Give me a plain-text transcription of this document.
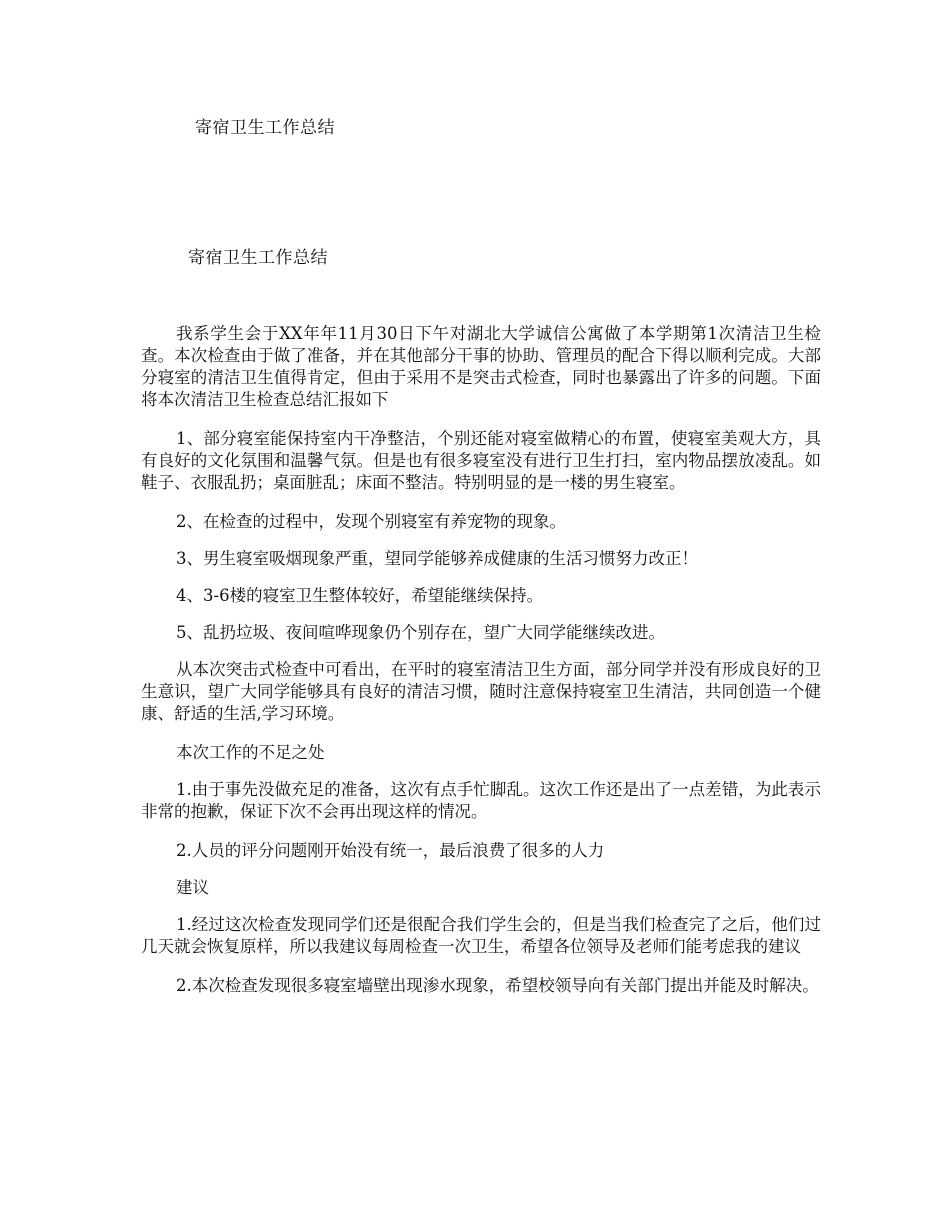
寄宿卫生工作总结
寄宿卫生工作总结

我系学生会于XX年年11月30日下午对湖北大学诚信公寓做了本学期第1次清洁卫生检查。本次检查由于做了准备，并在其他部分干事的协助、管理员的配合下得以顺利完成。大部分寝室的清洁卫生值得肯定，但由于采用不是突击式检查，同时也暴露出了许多的问题。下面将本次清洁卫生检查总结汇报如下

1、部分寝室能保持室内干净整洁，个别还能对寝室做精心的布置，使寝室美观大方，具有良好的文化氛围和温馨气氛。但是也有很多寝室没有进行卫生打扫，室内物品摆放凌乱。如鞋子、衣服乱扔；桌面脏乱；床面不整洁。特别明显的是一楼的男生寝室。

2、在检查的过程中，发现个别寝室有养宠物的现象。

3、男生寝室吸烟现象严重，望同学能够养成健康的生活习惯努力改正！

4、3-6楼的寝室卫生整体较好，希望能继续保持。

5、乱扔垃圾、夜间喧哗现象仍个别存在，望广大同学能继续改进。

从本次突击式检查中可看出，在平时的寝室清洁卫生方面，部分同学并没有形成良好的卫生意识，望广大同学能够具有良好的清洁习惯，随时注意保持寝室卫生清洁，共同创造一个健康、舒适的生活,学习环境。

本次工作的不足之处

1.由于事先没做充足的准备，这次有点手忙脚乱。这次工作还是出了一点差错，为此表示非常的抱歉，保证下次不会再出现这样的情况。

2.人员的评分问题刚开始没有统一，最后浪费了很多的人力

建议

1.经过这次检查发现同学们还是很配合我们学生会的，但是当我们检查完了之后，他们过几天就会恢复原样，所以我建议每周检查一次卫生，希望各位领导及老师们能考虑我的建议

2.本次检查发现很多寝室墙壁出现渗水现象，希望校领导向有关部门提出并能及时解决。
